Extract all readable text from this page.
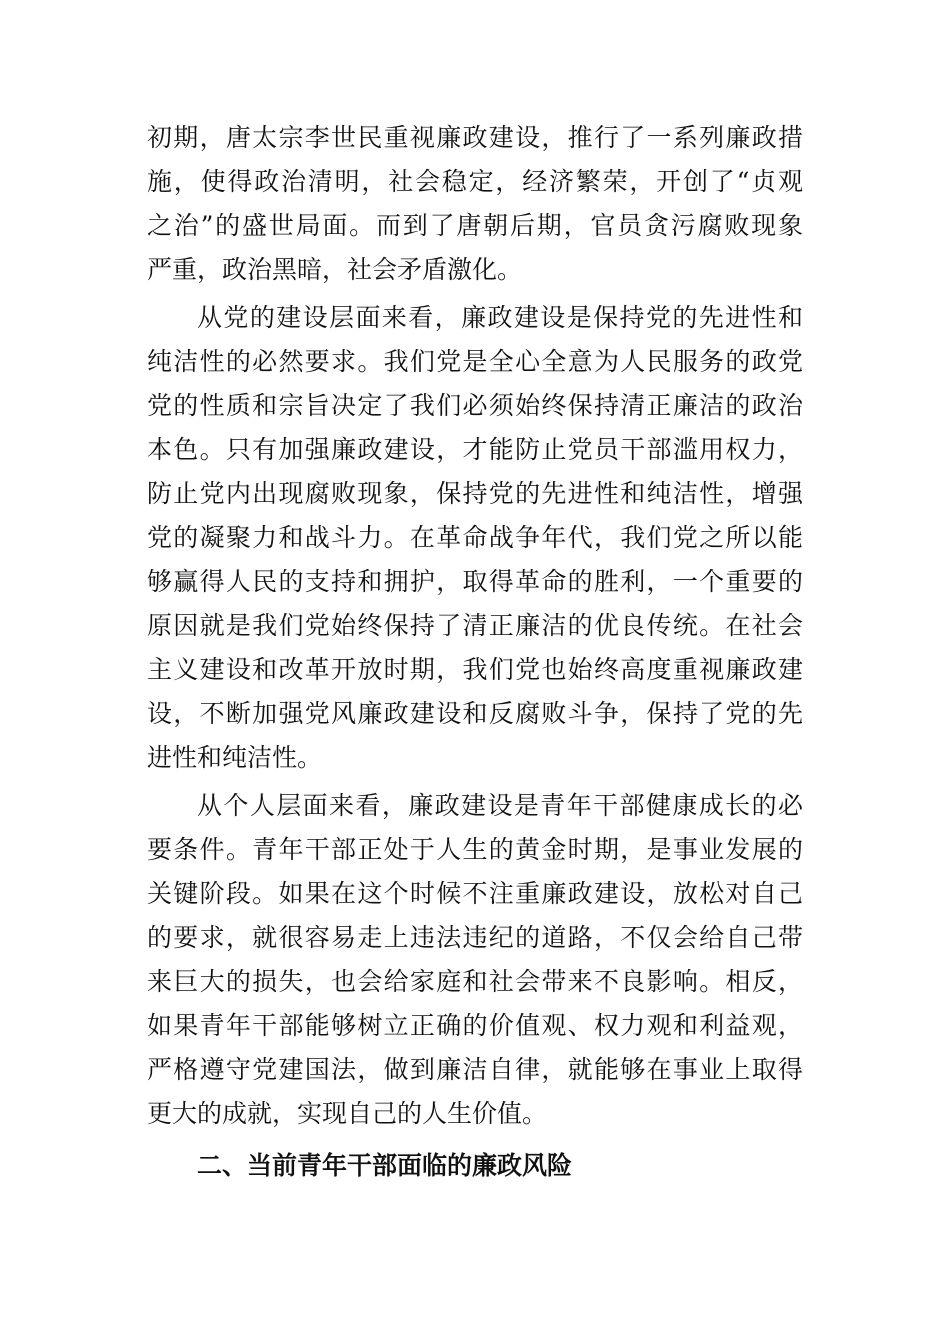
初期，唐太宗李世民重视廉政建设，推行了一系列廉政措
施，使得政治清明，社会稳定，经济繁荣，开创了“贞观
之治”的盛世局面。而到了唐朝后期，官员贪污腐败现象
严重，政治黑暗，社会矛盾激化。
从党的建设层面来看，廉政建设是保持党的先进性和
纯洁性的必然要求。我们党是全心全意为人民服务的政党
党的性质和宗旨决定了我们必须始终保持清正廉洁的政治
本色。只有加强廉政建设，才能防止党员干部滥用权力，
防止党内出现腐败现象，保持党的先进性和纯洁性，增强
党的凝聚力和战斗力。在革命战争年代，我们党之所以能
够赢得人民的支持和拥护，取得革命的胜利，一个重要的
原因就是我们党始终保持了清正廉洁的优良传统。在社会
主义建设和改革开放时期，我们党也始终高度重视廉政建
设，不断加强党风廉政建设和反腐败斗争，保持了党的先
进性和纯洁性。
从个人层面来看，廉政建设是青年干部健康成长的必
要条件。青年干部正处于人生的黄金时期，是事业发展的
关键阶段。如果在这个时候不注重廉政建设，放松对自己
的要求，就很容易走上违法违纪的道路，不仅会给自己带
来巨大的损失，也会给家庭和社会带来不良影响。相反，
如果青年干部能够树立正确的价值观、权力观和利益观，
严格遵守党建国法，做到廉洁自律，就能够在事业上取得
更大的成就，实现自己的人生价值。
二、当前青年干部面临的廉政风险
